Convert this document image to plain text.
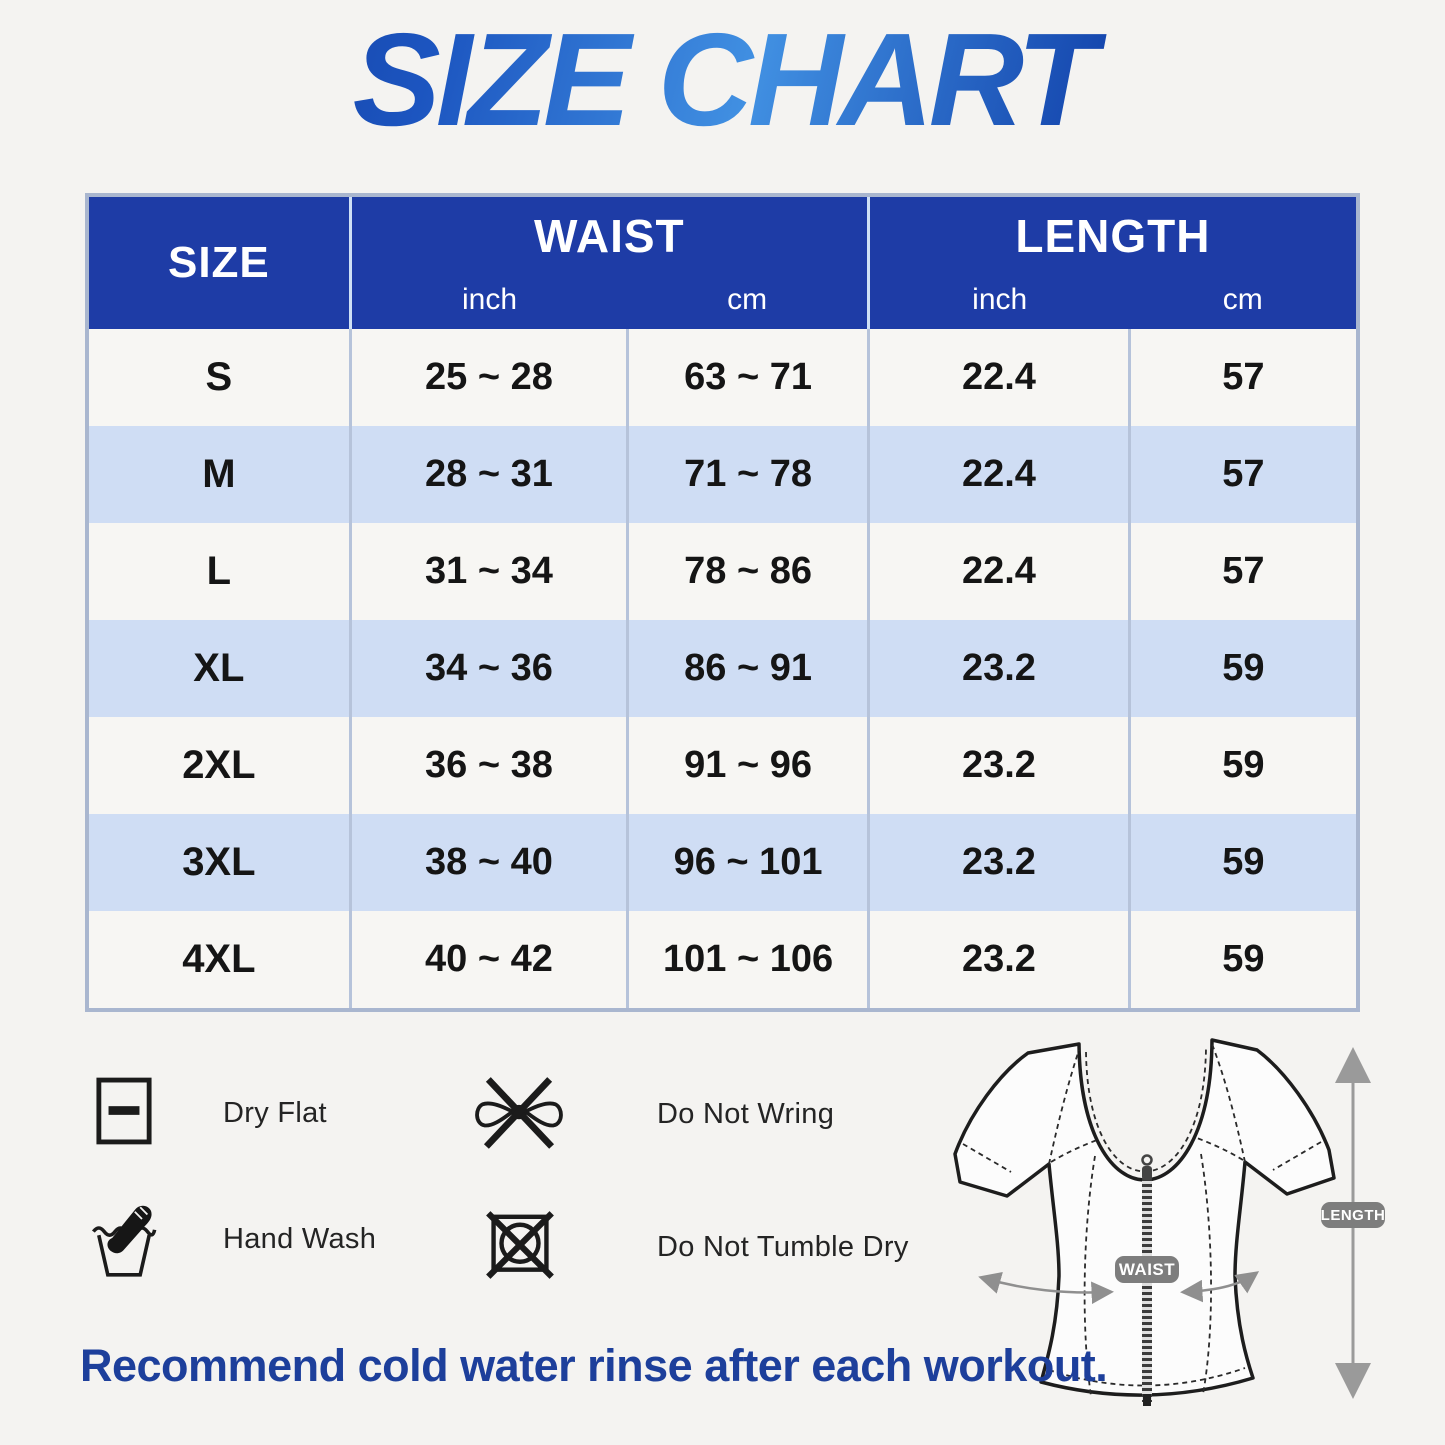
SIZE CHART
SIZE
WAIST
inch	cm
LENGTH
inch	cm
S	25 ~ 28	63 ~ 71	22.4	57
M	28 ~ 31	71 ~ 78	22.4	57
L	31 ~ 34	78 ~ 86	22.4	57
XL	34 ~ 36	86 ~ 91	23.2	59
2XL	36 ~ 38	91 ~ 96	23.2	59
3XL	38 ~ 40	96 ~ 101	23.2	59
4XL	40 ~ 42	101 ~ 106	23.2	59
Dry Flat	Do Not Wring
Hand Wash	Do Not Tumble Dry
WAIST
LENGTH
Recommend cold water rinse after each workout.
